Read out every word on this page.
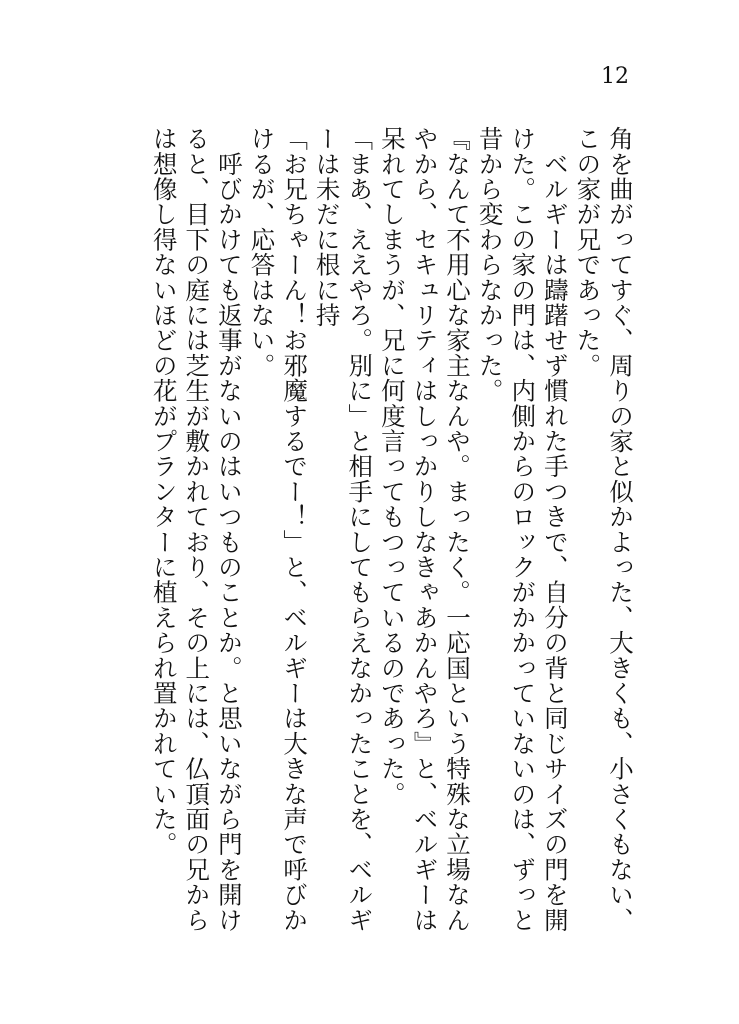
12

角を曲がってすぐ、周りの家と似かよった、大きくも、小さくもない、この家が兄であった。

　ベルギーは躊躇せず慣れた手つきで、自分の背と同じサイズの門を開けた。この家の門は、内側からのロックがかかっていないのは、ずっと昔から変わらなかった。

『なんて不用心な家主なんや。まったく。一応国という特殊な立場なんやから、セキュリティはしっかりしなきゃあかんやろ』と、ベルギーは呆れてしまうが、兄に何度言ってもつっているのであった。

「まあ、ええやろ。別に」と相手にしてもらえなかったことを、ベルギーは未だに根に持

「お兄ちゃーん！お邪魔するでー！」と、ベルギーは大きな声で呼びかけるが、応答はない。

　呼びかけても返事がないのはいつものことか。と思いながら門を開けると、目下の庭には芝生が敷かれており、その上には、仏頂面の兄からは想像し得ないほどの花がプランターに植えられ置かれていた。
